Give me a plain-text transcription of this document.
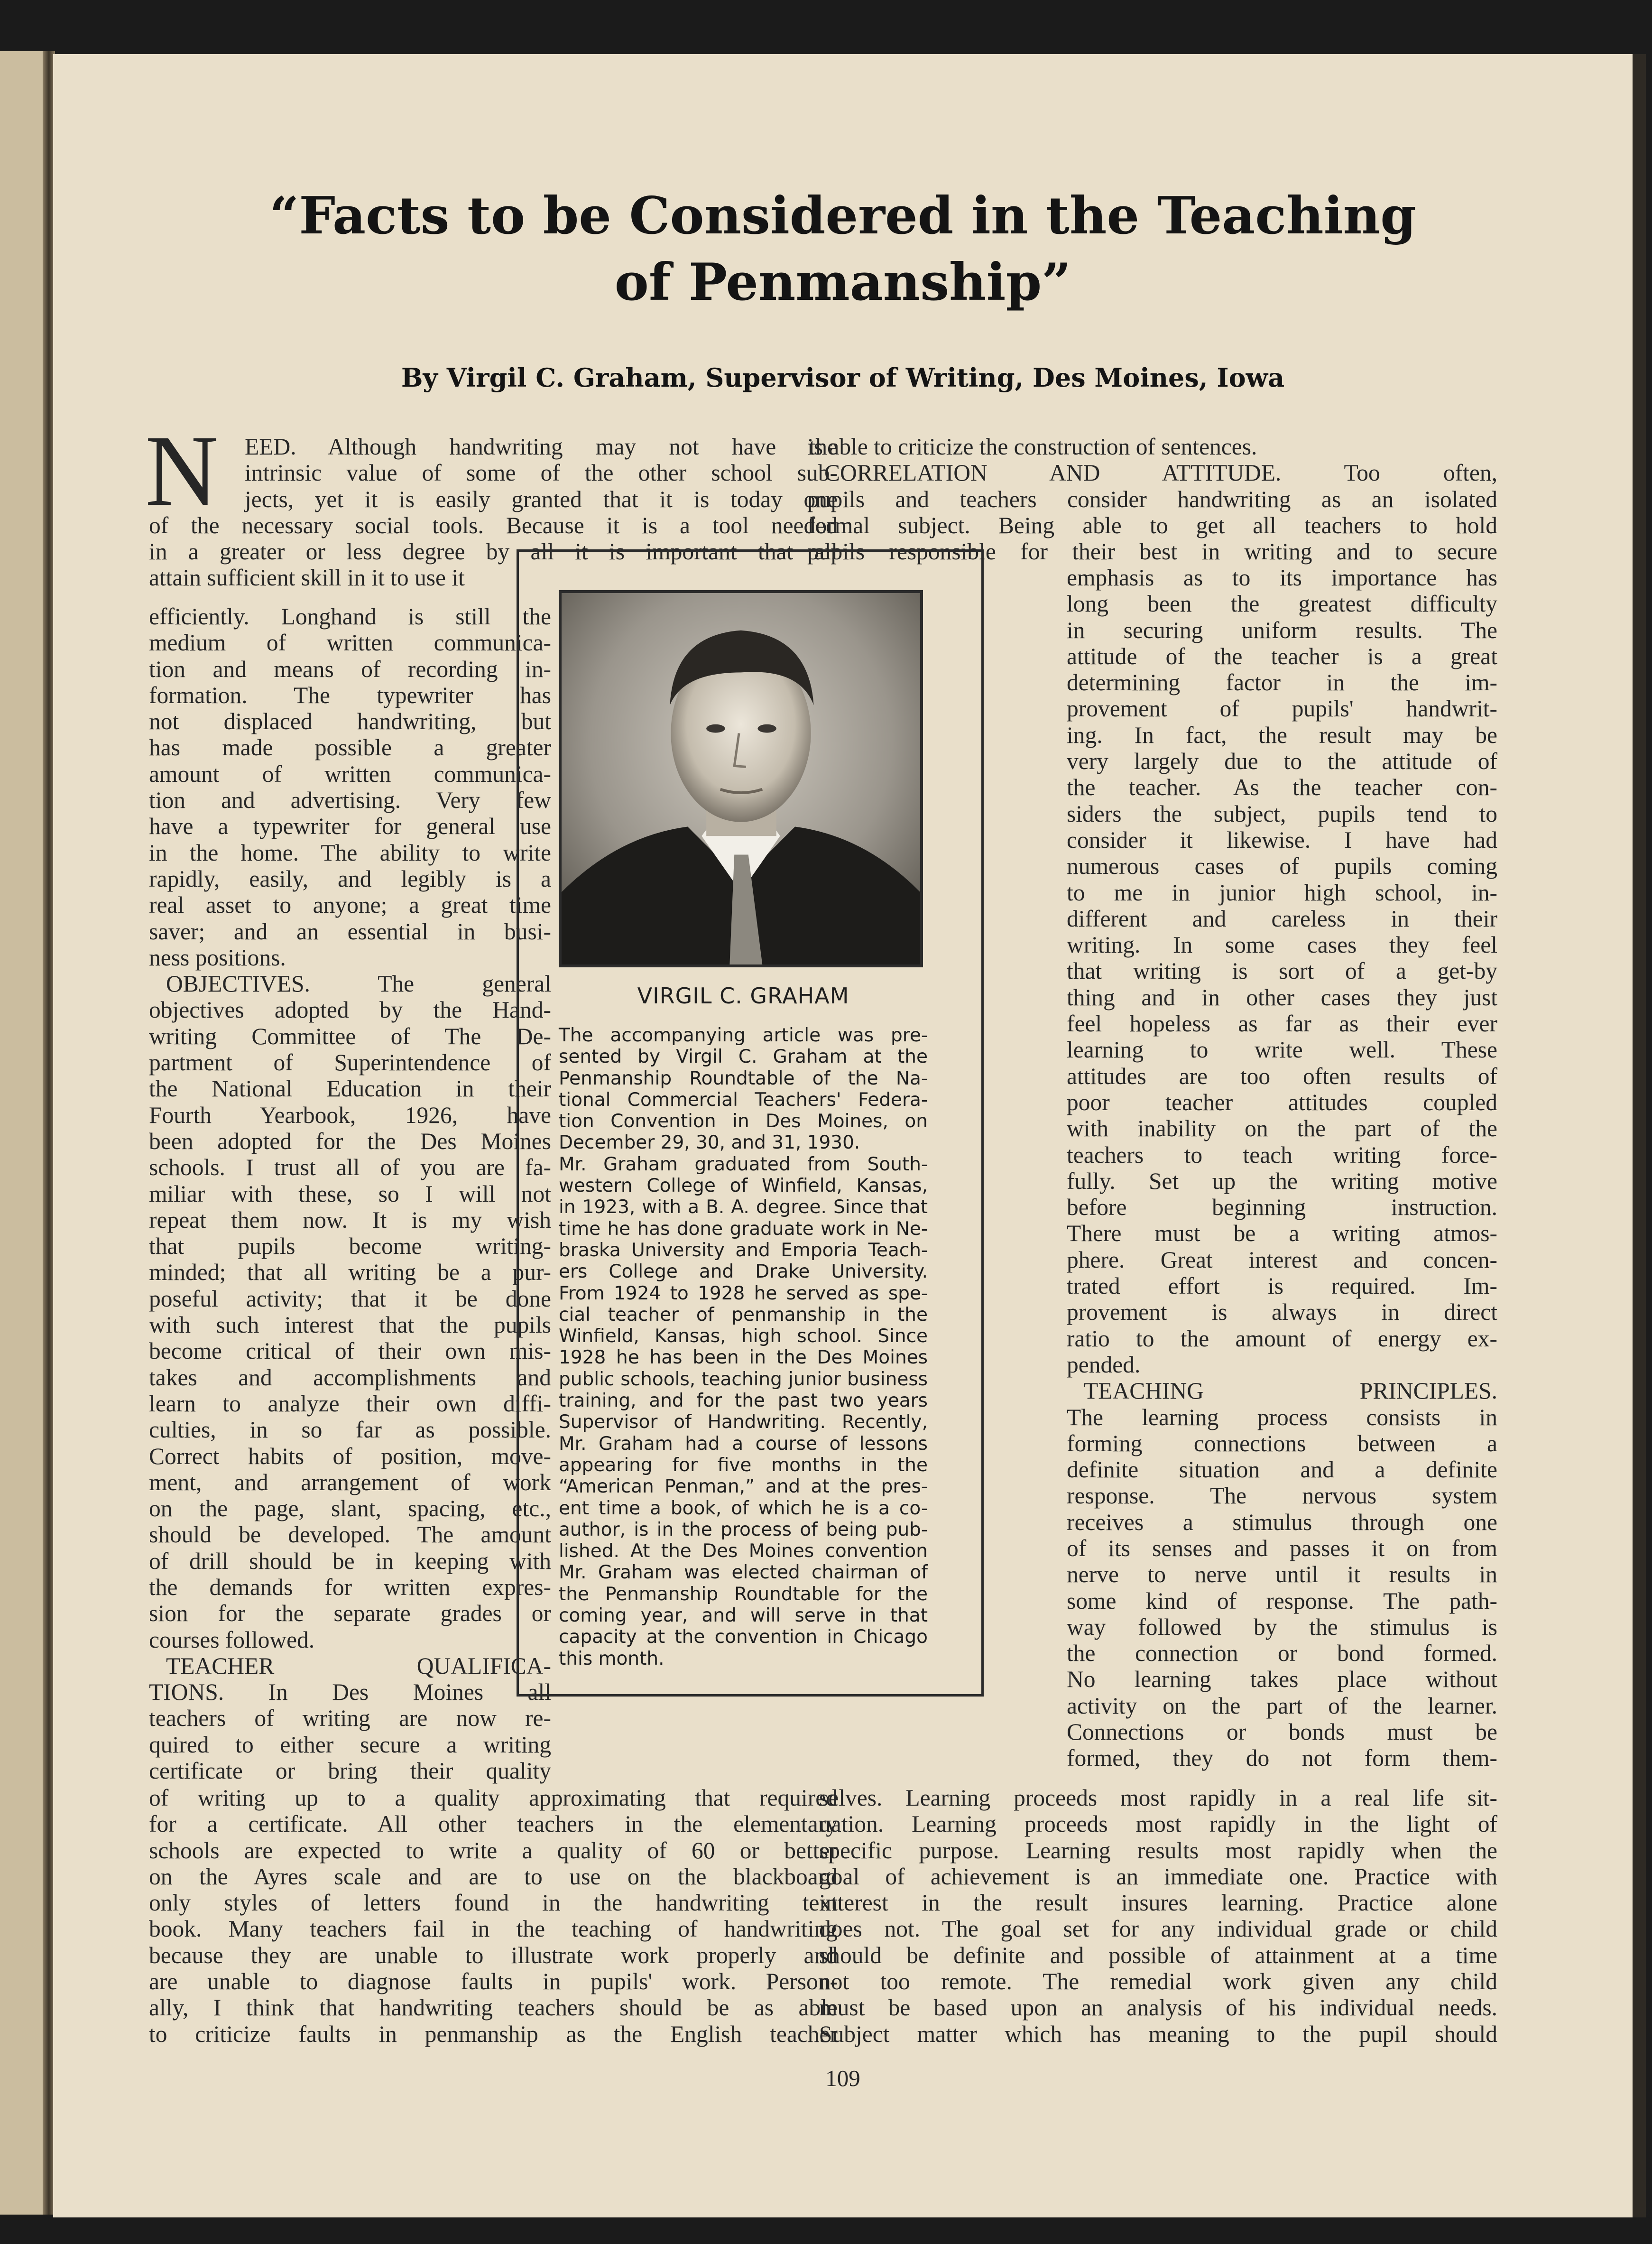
“Facts to be Considered in the Teaching
of Penmanship”
By Virgil C. Graham, Supervisor of Writing, Des Moines, Iowa
N EED. Although handwriting may not have the
intrinsic value of some of the other school sub-
jects, yet it is easily granted that it is today one
of the necessary social tools. Because it is a tool needed
in a greater or less degree by all it is important that all
attain sufficient skill in it to use it
efficiently. Longhand is still the
medium of written communica-
tion and means of recording in-
formation. The typewriter has
not displaced handwriting, but
has made possible a greater
amount of written communica-
tion and advertising. Very few
have a typewriter for general use
in the home. The ability to write
rapidly, easily, and legibly is a
real asset to anyone; a great time
saver; and an essential in busi-
ness positions.
OBJECTIVES. The general
objectives adopted by the Hand-
writing Committee of The De-
partment of Superintendence of
the National Education in their
Fourth Yearbook, 1926, have
been adopted for the Des Moines
schools. I trust all of you are fa-
miliar with these, so I will not
repeat them now. It is my wish
that pupils become writing-
minded; that all writing be a pur-
poseful activity; that it be done
with such interest that the pupils
become critical of their own mis-
takes and accomplishments and
learn to analyze their own diffi-
culties, in so far as possible.
Correct habits of position, move-
ment, and arrangement of work
on the page, slant, spacing, etc.,
should be developed. The amount
of drill should be in keeping with
the demands for written expres-
sion for the separate grades or
courses followed.
TEACHER QUALIFICA-
TIONS. In Des Moines all
teachers of writing are now re-
quired to either secure a writing
certificate or bring their quality
of writing up to a quality approximating that required
for a certificate. All other teachers in the elementary
schools are expected to write a quality of 60 or better
on the Ayres scale and are to use on the blackboard
only styles of letters found in the handwriting text
book. Many teachers fail in the teaching of handwriting
because they are unable to illustrate work properly and
are unable to diagnose faults in pupils' work. Person-
ally, I think that handwriting teachers should be as able
to criticize faults in penmanship as the English teacher
is able to criticize the construction of sentences.
CORRELATION AND ATTITUDE. Too often,
pupils and teachers consider handwriting as an isolated
formal subject. Being able to get all teachers to hold
pupils responsible for their best in writing and to secure
emphasis as to its importance has
long been the greatest difficulty
in securing uniform results. The
attitude of the teacher is a great
determining factor in the im-
provement of pupils' handwrit-
ing. In fact, the result may be
very largely due to the attitude of
the teacher. As the teacher con-
siders the subject, pupils tend to
consider it likewise. I have had
numerous cases of pupils coming
to me in junior high school, in-
different and careless in their
writing. In some cases they feel
that writing is sort of a get-by
thing and in other cases they just
feel hopeless as far as their ever
learning to write well. These
attitudes are too often results of
poor teacher attitudes coupled
with inability on the part of the
teachers to teach writing force-
fully. Set up the writing motive
before beginning instruction.
There must be a writing atmos-
phere. Great interest and concen-
trated effort is required. Im-
provement is always in direct
ratio to the amount of energy ex-
pended.
TEACHING PRINCIPLES.
The learning process consists in
forming connections between a
definite situation and a definite
response. The nervous system
receives a stimulus through one
of its senses and passes it on from
nerve to nerve until it results in
some kind of response. The path-
way followed by the stimulus is
the connection or bond formed.
No learning takes place without
activity on the part of the learner.
Connections or bonds must be
formed, they do not form them-
selves. Learning proceeds most rapidly in a real life sit-
uation. Learning proceeds most rapidly in the light of
specific purpose. Learning results most rapidly when the
goal of achievement is an immediate one. Practice with
interest in the result insures learning. Practice alone
does not. The goal set for any individual grade or child
should be definite and possible of attainment at a time
not too remote. The remedial work given any child
must be based upon an analysis of his individual needs.
Subject matter which has meaning to the pupil should
109
VIRGIL C. GRAHAM
The accompanying article was pre-
sented by Virgil C. Graham at the
Penmanship Roundtable of the Na-
tional Commercial Teachers' Federa-
tion Convention in Des Moines, on
December 29, 30, and 31, 1930.
Mr. Graham graduated from South-
western College of Winfield, Kansas,
in 1923, with a B. A. degree. Since that
time he has done graduate work in Ne-
braska University and Emporia Teach-
ers College and Drake University.
From 1924 to 1928 he served as spe-
cial teacher of penmanship in the
Winfield, Kansas, high school. Since
1928 he has been in the Des Moines
public schools, teaching junior business
training, and for the past two years
Supervisor of Handwriting. Recently,
Mr. Graham had a course of lessons
appearing for five months in the
“American Penman,” and at the pres-
ent time a book, of which he is a co-
author, is in the process of being pub-
lished. At the Des Moines convention
Mr. Graham was elected chairman of
the Penmanship Roundtable for the
coming year, and will serve in that
capacity at the convention in Chicago
this month.
